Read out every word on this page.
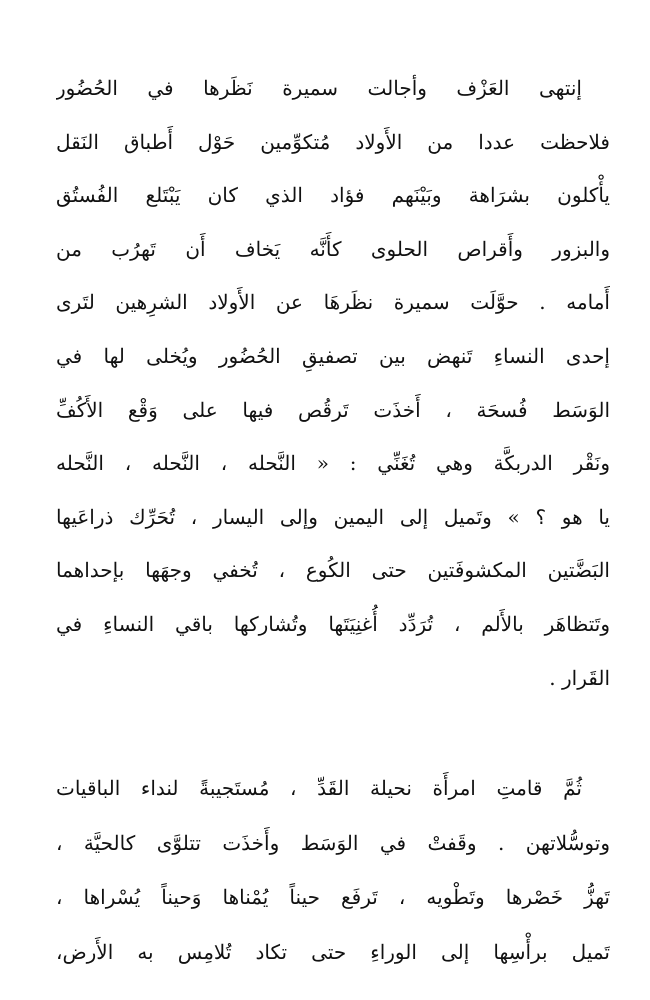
إنتهى العَزْف وأجالت سميرة نَظَرها في الحُضُور
فلاحظت عددا من الأَولاد مُتكوِّمين حَوْل أَطباق النَقل
يأْكلون بشرَاهة وبَيْنَهم فؤاد الذي كان يَبْتَلع الفُستُق
والبزور وأَقراص الحلوى كأَنَّه يَخاف أَن تَهرُب من
أَمامه . حوَّلَت سميرة نظَرهَا عن الأَولاد الشرِهين لتَرى
إحدى النساءِ تَنهض بين تصفيقِ الحُضُور ويُخلى لها في
الوَسَط فُسحَة ، أَخذَت تَرقُص فيها على وَقْع الأَكُفِّ
ونَقْر الدربكَّة وهي تُغَنِّي : « النَّحله ، النَّحله ، النَّحله
يا هو ؟ » وتَميل إلى اليمين وإلى اليسار ، تُحَرِّك ذراعَيها
البَضَّتين المكشوفَتين حتى الكُوع ، تُخفي وجهَها بإحداهما
وتَتظاهَر بالأَلم ، تُرَدِّد أُغنِيَتَها وتُشاركها باقي النساءِ في
القَرار .
ثُمَّ قامتِ امرأَة نحيلة القَدِّ ، مُستَجيبةً لنداء الباقيات
وتوسُّلاتهن . وقَفتْ في الوَسَط وأَخذَت تتلوَّى كالحيَّة ،
تَهزُّ خَصْرها وتَطْويه ، تَرفَع حيناً يُمْناها وَحيناً يُسْراها ،
تَميل برأْسِها إلى الوراءِ حتى تكاد تُلامِس به الأَرض،
